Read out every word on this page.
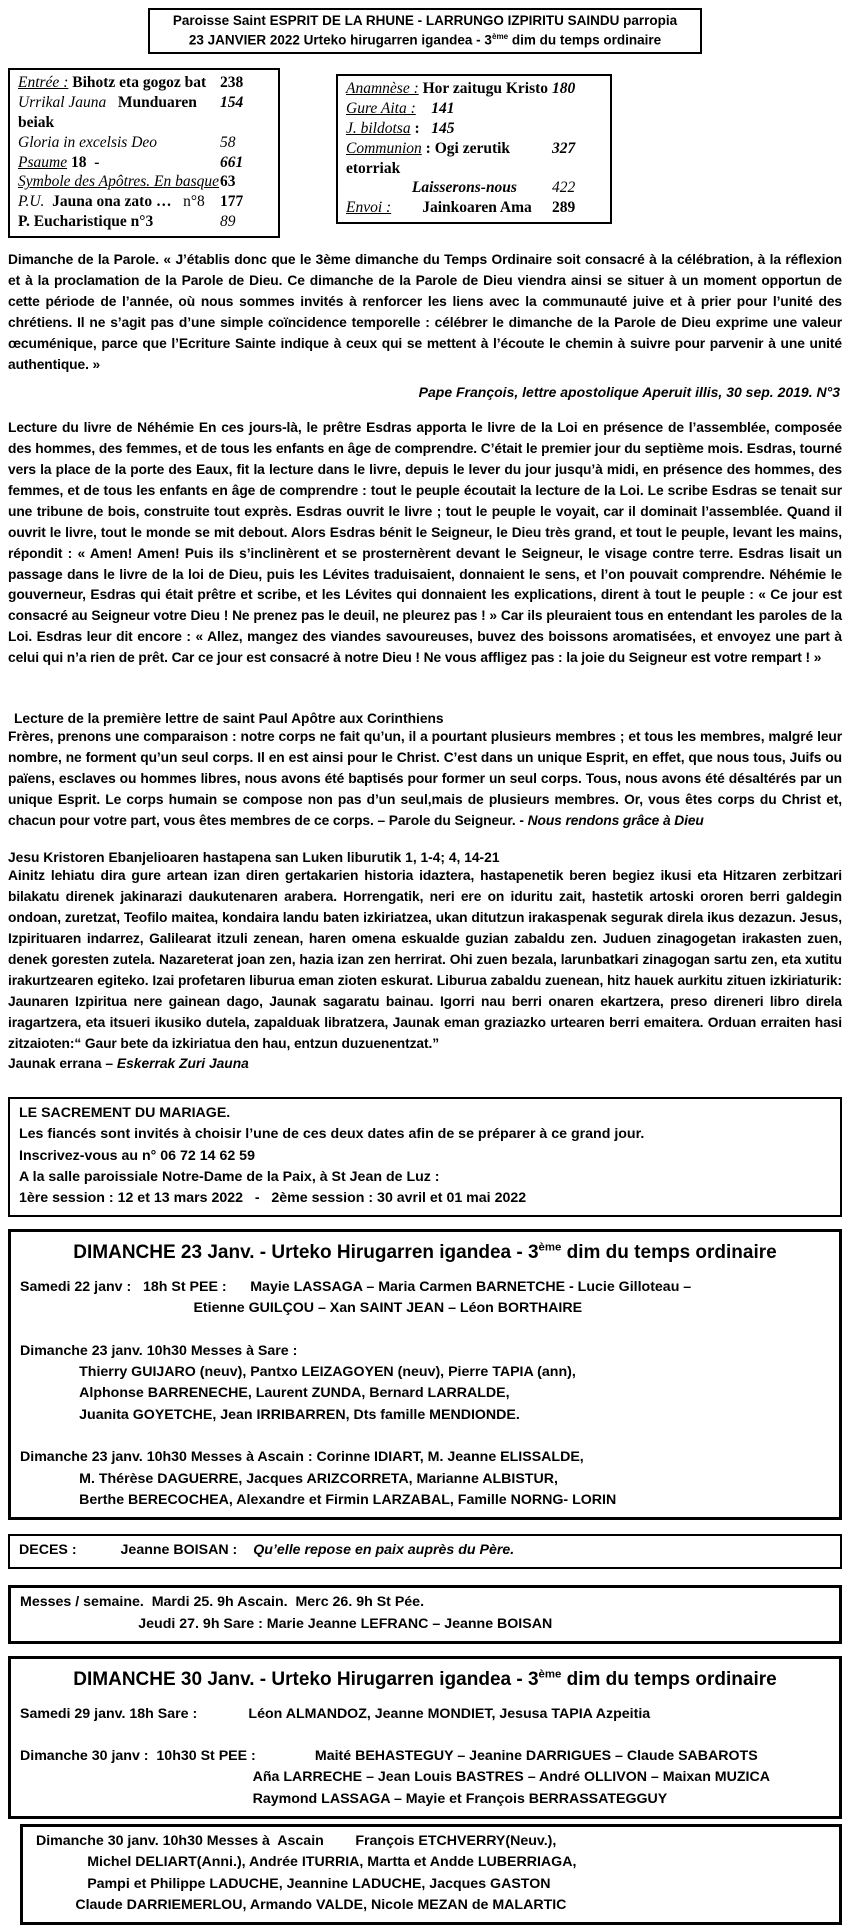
Paroisse Saint ESPRIT DE LA RHUNE - LARRUNGO IZPIRITU SAINDU parropia
23 JANVIER 2022 Urteko hirugarren igandea - 3ème dim du temps ordinaire
Entrée : Bihotz eta gogoz bat 238
Urrikal Jauna   Munduaren beiak
154
Gloria in excelsis Deo	58
Psaume 18  -	661
Symbole des Apôtres. En basque 63
P.U.  Jauna ona zato …   n°8 177
P. Eucharistique n°3	89
Anamnèse : Hor zaitugu Kristo 180
Gure Aita :    141
J. bildotsa :   145
Communion : Ogi zerutik etorriak
327
Laisserons-nous	422
Envoi :        Jainkoaren Ama	289

Dimanche de la Parole. « J’établis donc que le 3ème dimanche du Temps Ordinaire soit consacré à la célébration, à la réflexion et à la proclamation de la Parole de Dieu. Ce dimanche de la Parole de Dieu viendra ainsi se situer à un moment opportun de cette période de l’année, où nous sommes invités à renforcer les liens avec la communauté juive et à prier pour l’unité des chrétiens. Il ne s’agit pas d’une simple coïncidence temporelle : célébrer le dimanche de la Parole de Dieu exprime une valeur œcuménique, parce que l’Ecriture Sainte indique à ceux qui se mettent à l’écoute le chemin à suivre pour parvenir à une unité authentique. »

Pape François, lettre apostolique Aperuit illis, 30 sep. 2019. N°3

Lecture du livre de Néhémie En ces jours-là, le prêtre Esdras apporta le livre de la Loi en présence de l’assemblée, composée des hommes, des femmes, et de tous les enfants en âge de comprendre. C’était le premier jour du septième mois. Esdras, tourné vers la place de la porte des Eaux, fit la lecture dans le livre, depuis le lever du jour jusqu’à midi, en présence des hommes, des femmes, et de tous les enfants en âge de comprendre : tout le peuple écoutait la lecture de la Loi. Le scribe Esdras se tenait sur une tribune de bois, construite tout exprès. Esdras ouvrit le livre ; tout le peuple le voyait, car il dominait l’assemblée. Quand il ouvrit le livre, tout le monde se mit debout. Alors Esdras bénit le Seigneur, le Dieu très grand, et tout le peuple, levant les mains, répondit : « Amen! Amen! Puis ils s’inclinèrent et se prosternèrent devant le Seigneur, le visage contre terre. Esdras lisait un passage dans le livre de la loi de Dieu, puis les Lévites traduisaient, donnaient le sens, et l’on pouvait comprendre. Néhémie le gouverneur, Esdras qui était prêtre et scribe, et les Lévites qui donnaient les explications, dirent à tout le peuple : « Ce jour est consacré au Seigneur votre Dieu ! Ne prenez pas le deuil, ne pleurez pas ! » Car ils pleuraient tous en entendant les paroles de la Loi. Esdras leur dit encore : « Allez, mangez des viandes savoureuses, buvez des boissons aromatisées, et envoyez une part à celui qui n’a rien de prêt. Car ce jour est consacré à notre Dieu ! Ne vous affligez pas : la joie du Seigneur est votre rempart ! »

Lecture de la première lettre de saint Paul Apôtre aux Corinthiens

Frères, prenons une comparaison : notre corps ne fait qu’un, il a pourtant plusieurs membres ; et tous les membres, malgré leur nombre, ne forment qu’un seul corps. Il en est ainsi pour le Christ. C’est dans un unique Esprit, en effet, que nous tous, Juifs ou païens, esclaves ou hommes libres, nous avons été baptisés pour former un seul corps. Tous, nous avons été désaltérés par un unique Esprit. Le corps humain se compose non pas d’un seul,mais de plusieurs membres. Or, vous êtes corps du Christ et, chacun pour votre part, vous êtes membres de ce corps. – Parole du Seigneur. - Nous rendons grâce à Dieu

Jesu Kristoren Ebanjelioaren hastapena san Luken liburutik 1, 1-4; 4, 14-21

Ainitz lehiatu dira gure artean izan diren gertakarien historia idaztera, hastapenetik beren begiez ikusi eta Hitzaren zerbitzari bilakatu direnek jakinarazi daukutenaren arabera. Horrengatik, neri ere on iduritu zait, hastetik artoski ororen berri galdegin ondoan, zuretzat, Teofilo maitea, kondaira landu baten izkiriatzea, ukan ditutzun irakaspenak segurak direla ikus dezazun. Jesus, Izpirituaren indarrez, Galilearat itzuli zenean, haren omena eskualde guzian zabaldu zen. Juduen zinagogetan irakasten zuen, denek goresten zutela. Nazareterat joan zen, hazia izan zen herrirat. Ohi zuen bezala, larunbatkari zinagogan sartu zen, eta xutitu irakurtzearen egiteko. Izai profetaren liburua eman zioten eskurat. Liburua zabaldu zuenean, hitz hauek aurkitu zituen izkiriaturik: Jaunaren Izpiritua nere gainean dago, Jaunak sagaratu bainau. Igorri nau berri onaren ekartzera, preso direneri libro direla iragartzera, eta itsueri ikusiko dutela, zapalduak libratzera, Jaunak eman graziazko urtearen berri emaitera. Orduan erraiten hasi zitzaioten:“ Gaur bete da izkiriatua den hau, entzun duzuenentzat.”

Jaunak errana – Eskerrak Zuri Jauna
LE SACREMENT DU MARIAGE.
Les fiancés sont invités à choisir l’une de ces deux dates afin de se préparer à ce grand jour.
Inscrivez-vous au n° 06 72 14 62 59
A la salle paroissiale Notre-Dame de la Paix, à St Jean de Luz :
1ère session : 12 et 13 mars 2022   -   2ème session : 30 avril et 01 mai 2022
DIMANCHE 23 Janv. - Urteko Hirugarren igandea - 3ème dim du temps ordinaire
Samedi 22 janv :   18h St PEE :      Mayie LASSAGA – Maria Carmen BARNETCHE - Lucie Gilloteau –
Etienne GUILÇOU – Xan SAINT JEAN – Léon BORTHAIRE

Dimanche 23 janv. 10h30 Messes à Sare :
Thierry GUIJARO (neuv), Pantxo LEIZAGOYEN (neuv), Pierre TAPIA (ann),
Alphonse BARRENECHE, Laurent ZUNDA, Bernard LARRALDE,
Juanita GOYETCHE, Jean IRRIBARREN, Dts famille MENDIONDE.

Dimanche 23 janv. 10h30 Messes à Ascain : Corinne IDIART, M. Jeanne ELISSALDE,
M. Thérèse DAGUERRE, Jacques ARIZCORRETA, Marianne ALBISTUR,
Berthe BERECOCHEA, Alexandre et Firmin LARZABAL, Famille NORNG- LORIN
DECES :	Jeanne BOISAN : Qu’elle repose en paix auprès du Père.
Messes / semaine.  Mardi 25. 9h Ascain.  Merc 26. 9h St Pée.
Jeudi 27. 9h Sare : Marie Jeanne LEFRANC – Jeanne BOISAN
DIMANCHE 30 Janv. - Urteko Hirugarren igandea - 3ème dim du temps ordinaire
Samedi 29 janv. 18h Sare :             Léon ALMANDOZ, Jeanne MONDIET, Jesusa TAPIA Azpeitia

Dimanche 30 janv :  10h30 St PEE :               Maité BEHASTEGUY – Jeanine DARRIGUES – Claude SABAROTS
Aña LARRECHE – Jean Louis BASTRES – André OLLIVON – Maixan MUZICA
Raymond LASSAGA – Mayie et François BERRASSATEGGUY
Dimanche 30 janv. 10h30 Messes à  Ascain        François ETCHVERRY(Neuv.),
Michel DELIART(Anni.), Andrée ITURRIA, Martta et Andde LUBERRIAGA,
Pampi et Philippe LADUCHE, Jeannine LADUCHE, Jacques GASTON
Claude DARRIEMERLOU, Armando VALDE, Nicole MEZAN de MALARTIC
